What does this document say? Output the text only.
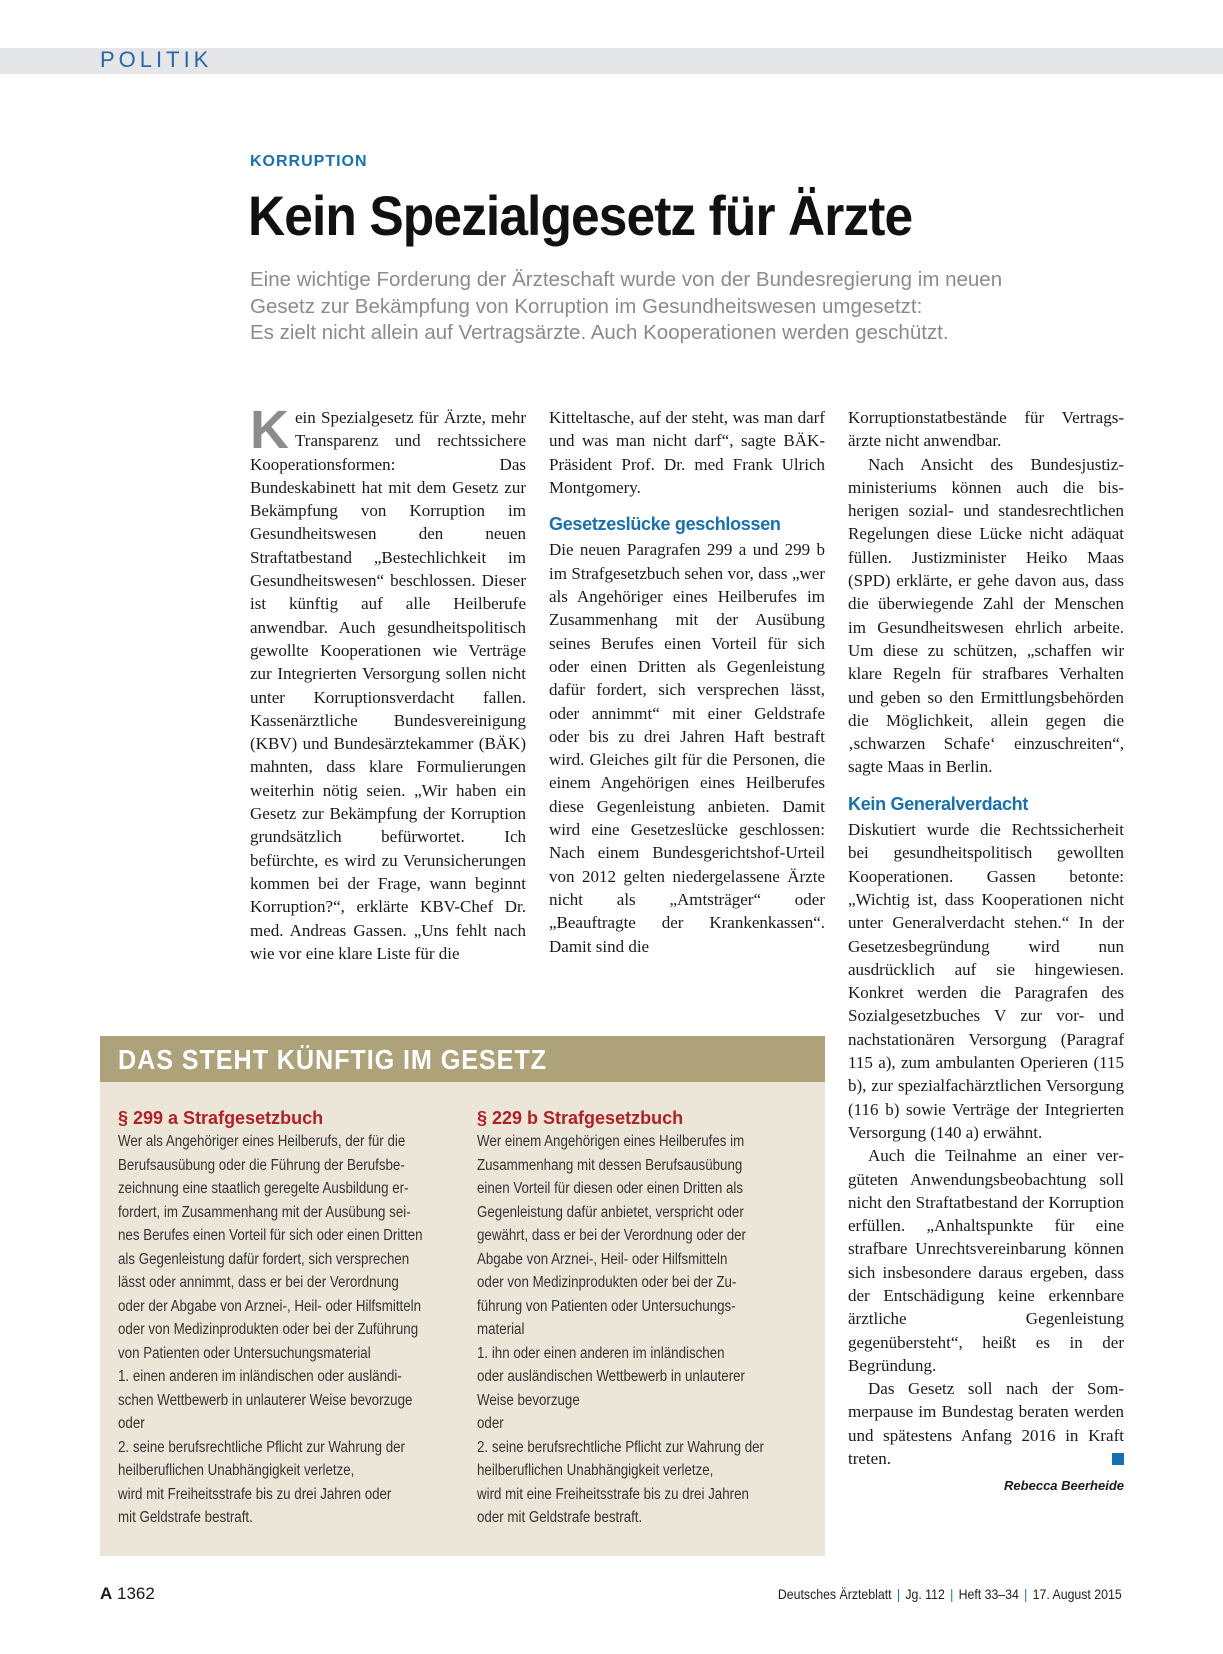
POLITIK
KORRUPTION
Kein Spezialgesetz für Ärzte
Eine wichtige Forderung der Ärzteschaft wurde von der Bundesregierung im neuen
Gesetz zur Bekämpfung von Korruption im Gesundheitswesen umgesetzt:
Es zielt nicht allein auf Vertragsärzte. Auch Kooperationen werden geschützt.

Kein Spezialgesetz für Ärzte, mehr Transparenz und rechtssichere Kooperationsformen: Das Bundeskabinett hat mit dem Gesetz zur Bekämpfung von Korruption im Gesundheitswesen den neuen Straftatbestand „Bestechlichkeit im Gesundheitswesen“ beschlossen. Dieser ist künftig auf alle Heilberufe anwendbar. Auch gesundheitspolitisch gewollte Kooperationen wie Verträge zur Integrierten Versorgung sollen nicht unter Korruptionsverdacht fallen. Kassenärztliche Bundesvereinigung (KBV) und Bundesärztekammer (BÄK) mahnten, dass klare Formulierungen weiterhin nötig seien. „Wir haben ein Gesetz zur Bekämpfung der Korruption grundsätzlich befürwortet. Ich befürchte, es wird zu Verunsicherungen kommen bei der Frage, wann beginnt Korruption?“, erklärte KBV-Chef Dr. med. Andreas Gassen. „Uns fehlt nach wie vor eine klare Liste für die

Kitteltasche, auf der steht, was man darf und was man nicht darf“, sagte BÄK-Präsident Prof. Dr. med Frank Ulrich Montgomery.

Gesetzeslücke geschlossen

Die neuen Paragrafen 299 a und 299 b im Strafgesetzbuch sehen vor, dass „wer als Angehöriger eines Heilberufes im Zusammenhang mit der Ausübung seines Berufes einen Vorteil für sich oder einen Dritten als Gegenleistung dafür fordert, sich versprechen lässt, oder annimmt“ mit einer Geldstrafe oder bis zu drei Jahren Haft bestraft wird. Gleiches gilt für die Personen, die einem Angehörigen eines Heilberufes diese Gegenleistung anbieten. Damit wird eine Gesetzeslücke geschlossen: Nach einem Bundesgerichtshof-Urteil von 2012 gelten niedergelassene Ärzte nicht als „Amtsträger“ oder „Beauftragte der Krankenkassen“. Damit sind die

Korruptionstatbestände für Vertragsärzte nicht anwendbar.

Nach Ansicht des Bundesjustizministeriums können auch die bisherigen sozial- und standesrechtlichen Regelungen diese Lücke nicht adäquat füllen. Justizminister Heiko Maas (SPD) erklärte, er gehe davon aus, dass die überwiegende Zahl der Menschen im Gesundheitswesen ehrlich arbeite. Um diese zu schützen, „schaffen wir klare Regeln für strafbares Verhalten und geben so den Ermittlungsbehörden die Möglichkeit, allein gegen die ‚schwarzen Schafe‘ einzuschreiten“, sagte Maas in Berlin.

Kein Generalverdacht

Diskutiert wurde die Rechtssicherheit bei gesundheitspolitisch gewollten Kooperationen. Gassen betonte: „Wichtig ist, dass Kooperationen nicht unter Generalverdacht stehen.“ In der Gesetzesbegründung wird nun ausdrücklich auf sie hingewiesen. Konkret werden die Paragrafen des Sozialgesetzbuches V zur vor- und nachstationären Versorgung (Paragraf 115 a), zum ambulanten Operieren (115 b), zur spezialfachärztlichen Versorgung (116 b) sowie Verträge der Integrierten Versorgung (140 a) erwähnt.

Auch die Teilnahme an einer vergüteten Anwendungsbeobachtung soll nicht den Straftatbestand der Korruption erfüllen. „Anhaltspunkte für eine strafbare Unrechtsvereinbarung können sich insbesondere daraus ergeben, dass der Entschädigung keine erkennbare ärztliche Gegenleistung gegenübersteht“, heißt es in der Begründung.

Das Gesetz soll nach der Sommerpause im Bundestag beraten werden und spätestens Anfang 2016 in Kraft treten.

Rebecca Beerheide
DAS STEHT KÜNFTIG IM GESETZ
§ 299 a Strafgesetzbuch
Wer als Angehöriger eines Heilberufs, der für die
Berufsausübung oder die Führung der Berufsbe-
zeichnung eine staatlich geregelte Ausbildung er-
fordert, im Zusammenhang mit der Ausübung sei-
nes Berufes einen Vorteil für sich oder einen Dritten
als Gegenleistung dafür fordert, sich versprechen
lässt oder annimmt, dass er bei der Verordnung
oder der Abgabe von Arznei-, Heil- oder Hilfsmitteln
oder von Medizinprodukten oder bei der Zuführung
von Patienten oder Untersuchungsmaterial
1. einen anderen im inländischen oder ausländi-
schen Wettbewerb in unlauterer Weise bevorzuge
oder
2. seine berufsrechtliche Pflicht zur Wahrung der
heilberuflichen Unabhängigkeit verletze,
wird mit Freiheitsstrafe bis zu drei Jahren oder
mit Geldstrafe bestraft.
§ 229 b Strafgesetzbuch
Wer einem Angehörigen eines Heilberufes im
Zusammenhang mit dessen Berufsausübung
einen Vorteil für diesen oder einen Dritten als
Gegenleistung dafür anbietet, verspricht oder
gewährt, dass er bei der Verordnung oder der
Abgabe von Arznei-, Heil- oder Hilfsmitteln
oder von Medizinprodukten oder bei der Zu-
führung von Patienten oder Untersuchungs-
material
1. ihn oder einen anderen im inländischen
oder ausländischen Wettbewerb in unlauterer
Weise bevorzuge
oder
2. seine berufsrechtliche Pflicht zur Wahrung der
heilberuflichen Unabhängigkeit verletze,
wird mit eine Freiheitsstrafe bis zu drei Jahren
oder mit Geldstrafe bestraft.
A 1362	Deutsches Ärzteblatt | Jg. 112 | Heft 33–34 | 17. August 2015
